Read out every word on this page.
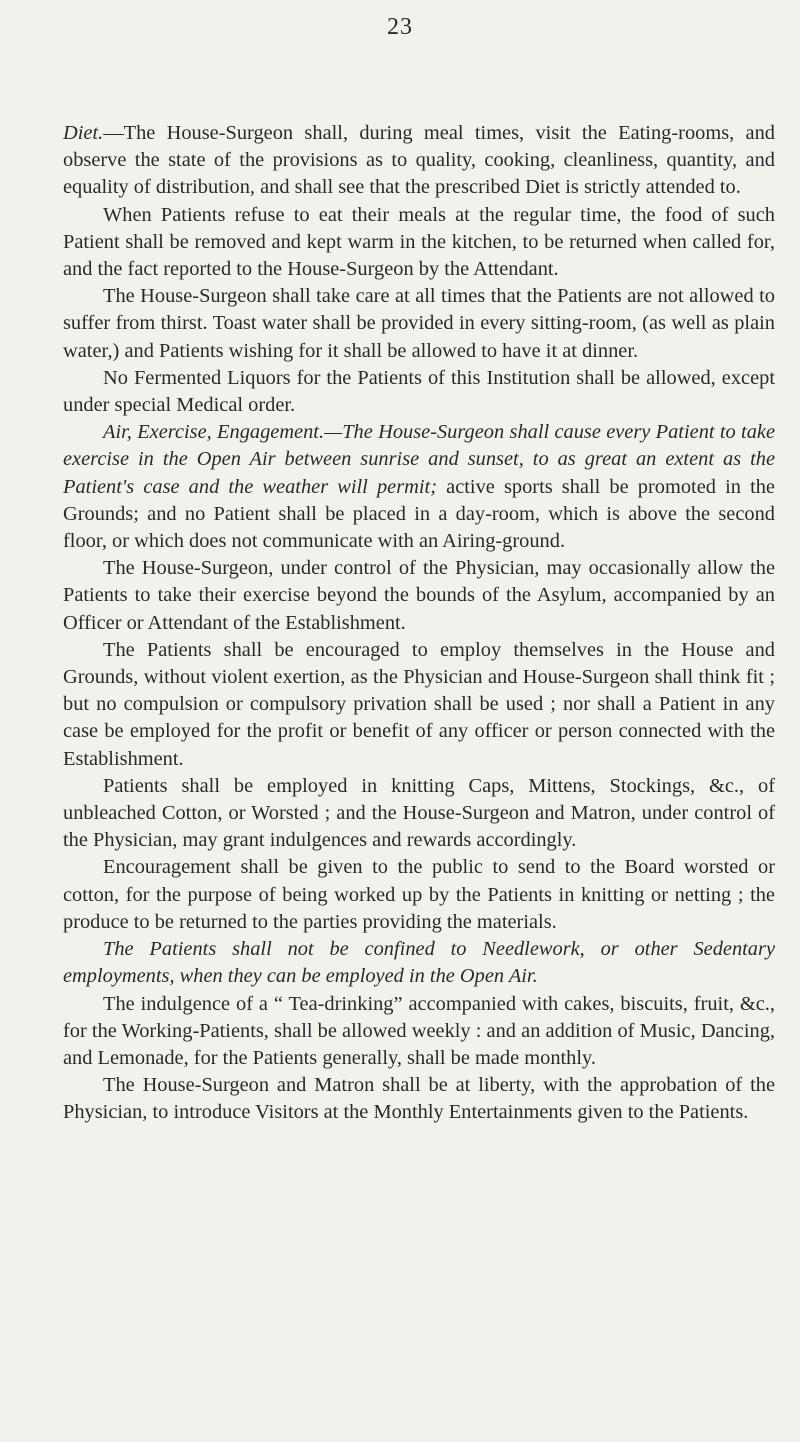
23

Diet.—The House-Surgeon shall, during meal times, visit the Eating-rooms, and observe the state of the provisions as to quality, cooking, cleanliness, quantity, and equality of distribution, and shall see that the prescribed Diet is strictly attended to.

When Patients refuse to eat their meals at the regular time, the food of such Patient shall be removed and kept warm in the kitchen, to be returned when called for, and the fact reported to the House-Surgeon by the Attendant.

The House-Surgeon shall take care at all times that the Patients are not allowed to suffer from thirst. Toast water shall be provided in every sitting-room, (as well as plain water,) and Patients wishing for it shall be allowed to have it at dinner.

No Fermented Liquors for the Patients of this Institution shall be allowed, except under special Medical order.

Air, Exercise, Engagement.—The House-Surgeon shall cause every Patient to take exercise in the Open Air between sunrise and sunset, to as great an extent as the Patient's case and the weather will permit; active sports shall be promoted in the Grounds; and no Patient shall be placed in a day-room, which is above the second floor, or which does not communicate with an Airing-ground.

The House-Surgeon, under control of the Physician, may occasionally allow the Patients to take their exercise beyond the bounds of the Asylum, accompanied by an Officer or Attendant of the Establishment.

The Patients shall be encouraged to employ themselves in the House and Grounds, without violent exertion, as the Physician and House-Surgeon shall think fit ; but no compulsion or compulsory privation shall be used ; nor shall a Patient in any case be employed for the profit or benefit of any officer or person connected with the Establishment.

Patients shall be employed in knitting Caps, Mittens, Stockings, &c., of unbleached Cotton, or Worsted ; and the House-Surgeon and Matron, under control of the Physician, may grant indulgences and rewards accordingly.

Encouragement shall be given to the public to send to the Board worsted or cotton, for the purpose of being worked up by the Patients in knitting or netting ; the produce to be returned to the parties providing the materials.

The Patients shall not be confined to Needlework, or other Sedentary employments, when they can be employed in the Open Air.

The indulgence of a “ Tea-drinking” accompanied with cakes, biscuits, fruit, &c., for the Working-Patients, shall be allowed weekly : and an addition of Music, Dancing, and Lemonade, for the Patients generally, shall be made monthly.

The House-Surgeon and Matron shall be at liberty, with the approbation of the Physician, to introduce Visitors at the Monthly Entertainments given to the Patients.
